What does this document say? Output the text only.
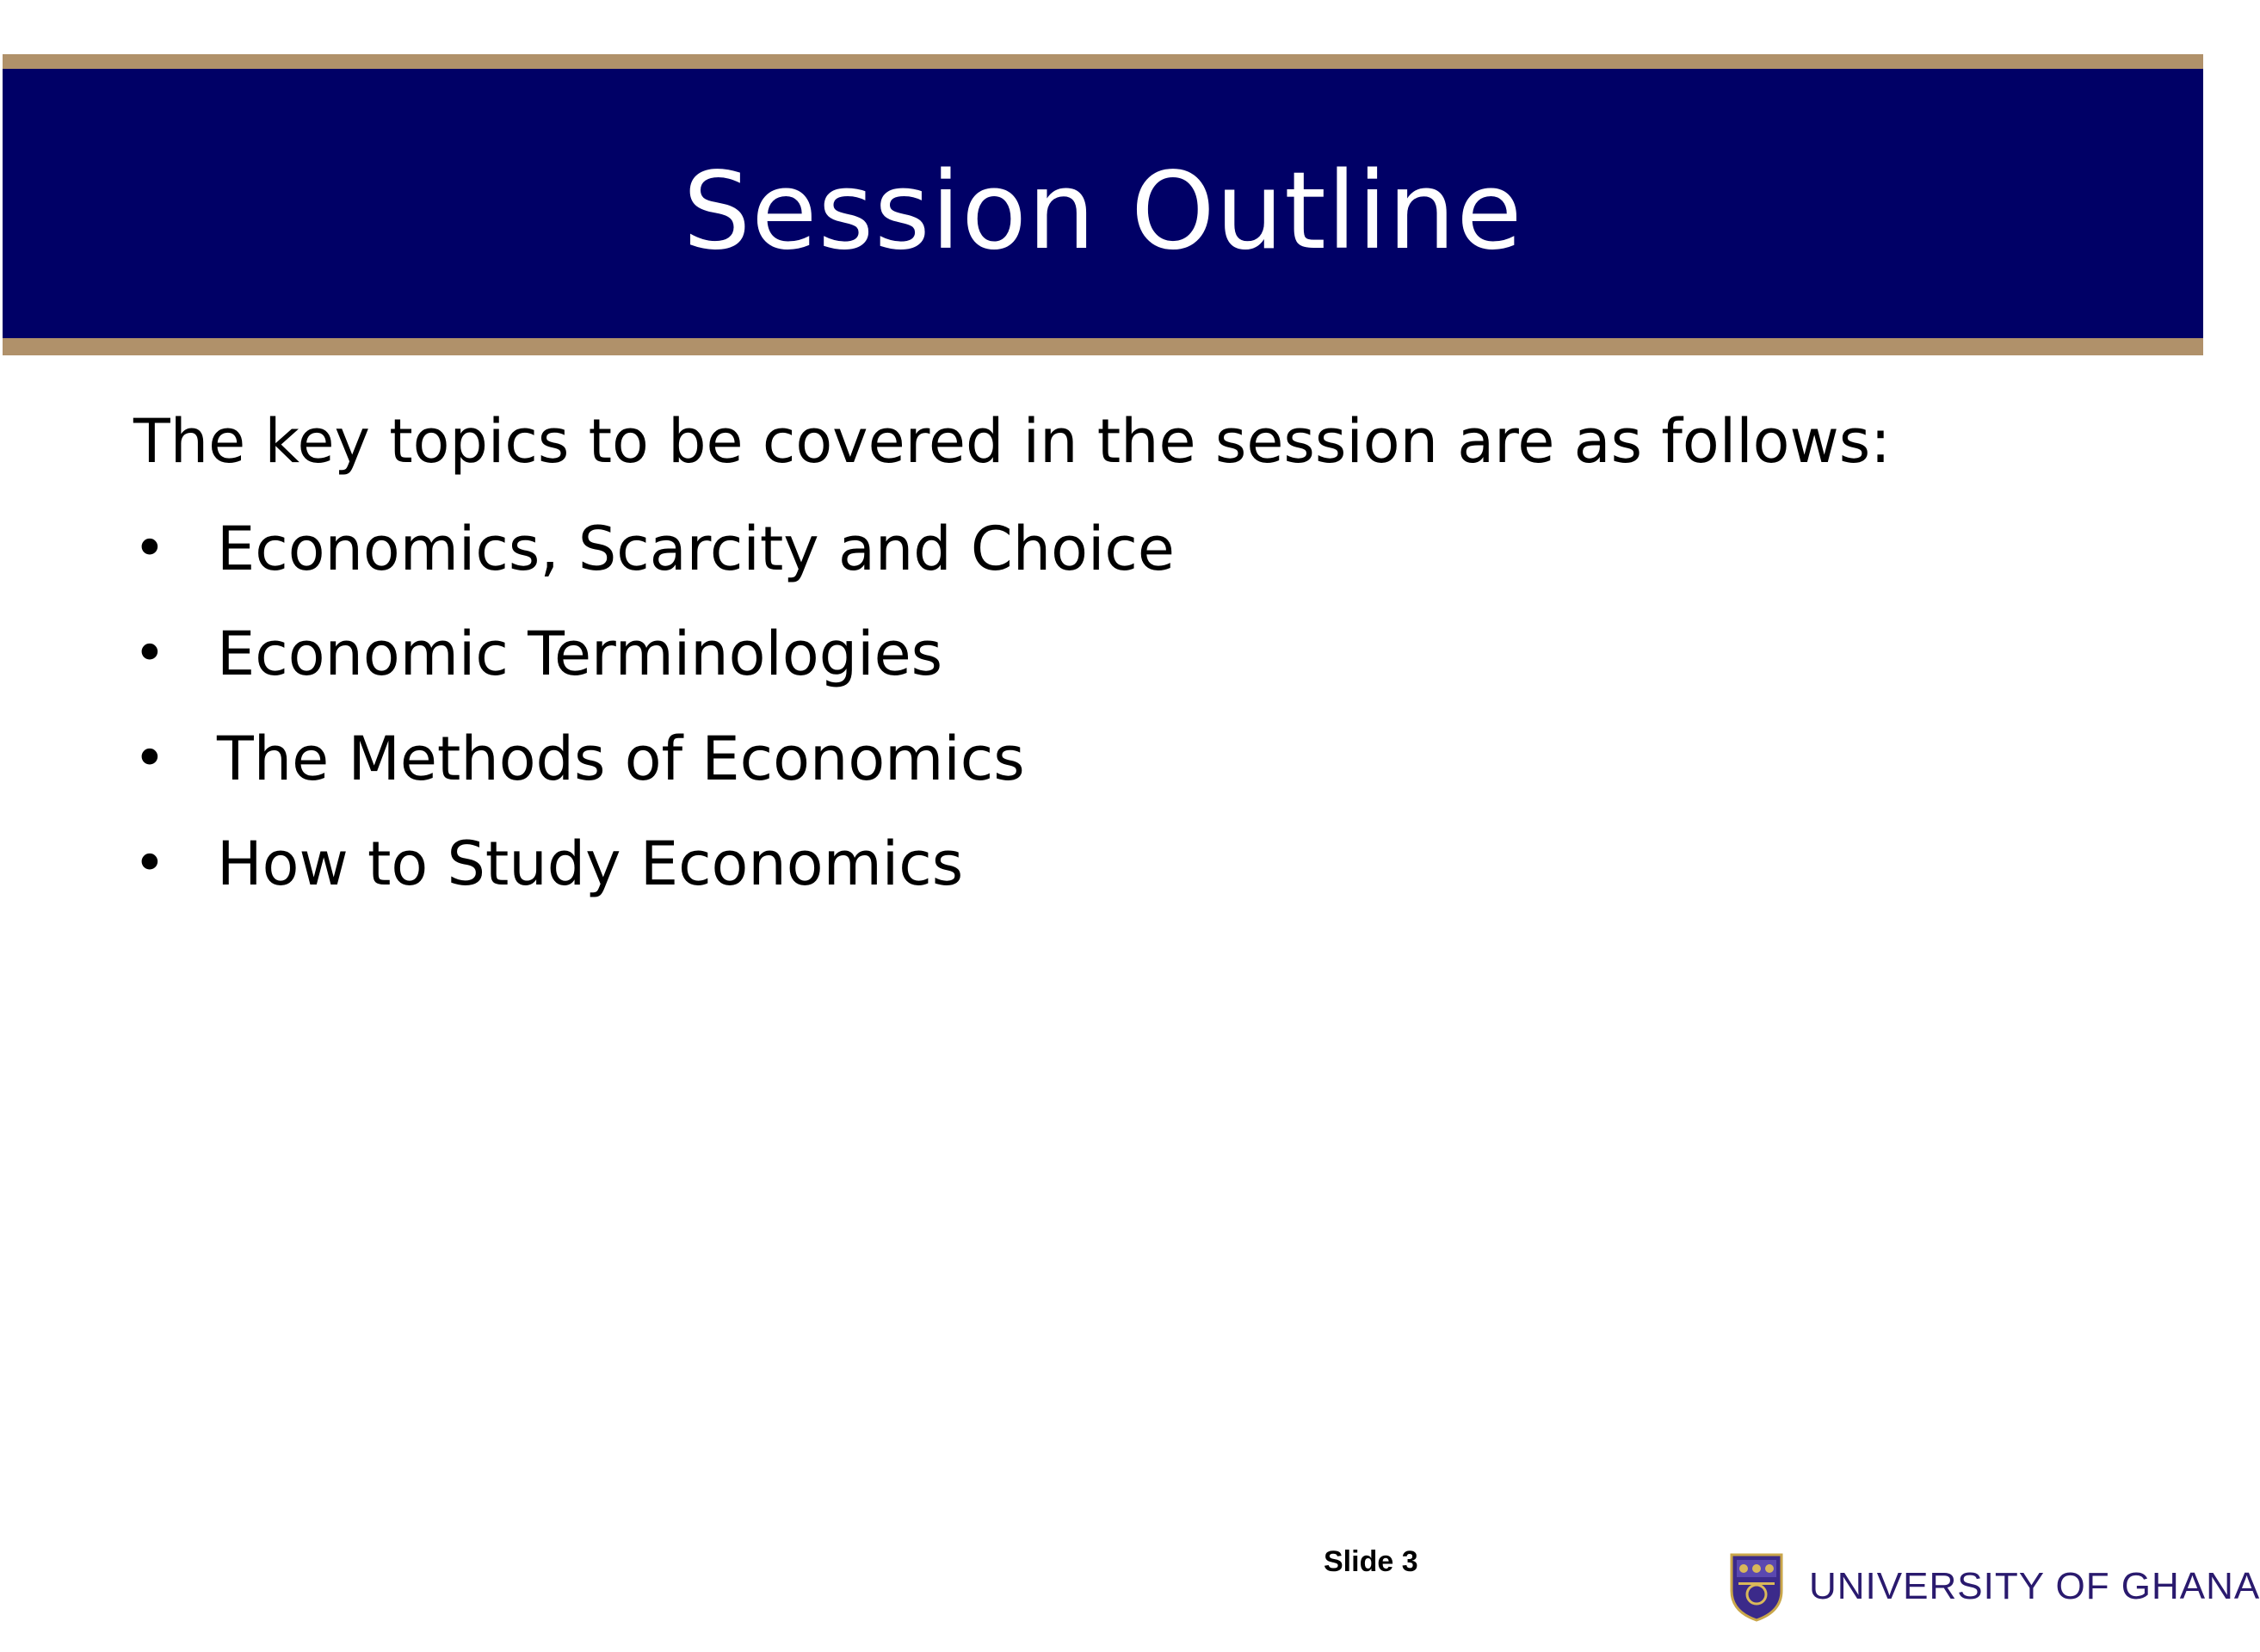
Session Outline

The key topics to be covered in the session are as follows:

• Economics, Scarcity and Choice
• Economic Terminologies
• The Methods of Economics
• How to Study Economics
Slide 3
UNIVERSITY OF GHANA
